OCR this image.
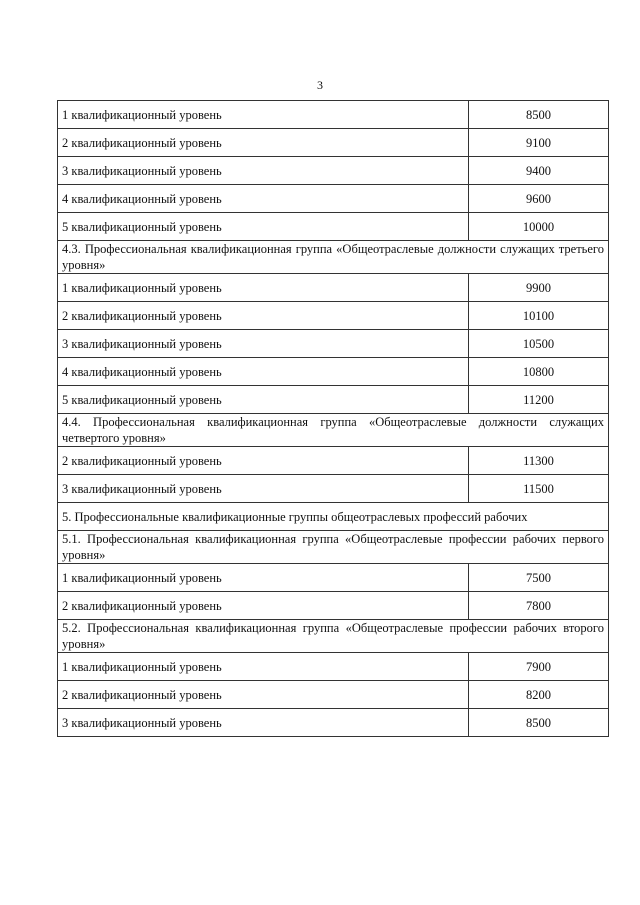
3
1 квалификационный уровень	8500
2 квалификационный уровень	9100
3 квалификационный уровень	9400
4 квалификационный уровень	9600
5 квалификационный уровень	10000
4.3. Профессиональная квалификационная группа «Общеотраслевые должности служащих третьего уровня»	
1 квалификационный уровень	9900
2 квалификационный уровень	10100
3 квалификационный уровень	10500
4 квалификационный уровень	10800
5 квалификационный уровень	11200
4.4. Профессиональная квалификационная группа «Общеотраслевые должности служащих четвертого уровня»	
2 квалификационный уровень	11300
3 квалификационный уровень	11500
5. Профессиональные квалификационные группы общеотраслевых профессий рабочих	
5.1. Профессиональная квалификационная группа «Общеотраслевые профессии рабочих первого уровня»	
1 квалификационный уровень	7500
2 квалификационный уровень	7800
5.2. Профессиональная квалификационная группа «Общеотраслевые профессии рабочих второго уровня»	
1 квалификационный уровень	7900
2 квалификационный уровень	8200
3 квалификационный уровень	8500
